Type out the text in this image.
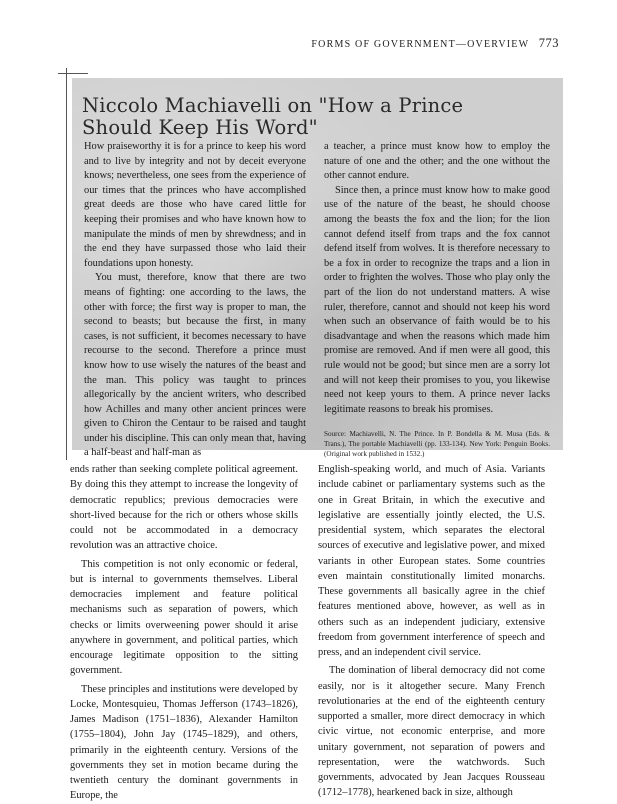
FORMS OF GOVERNMENT—OVERVIEW 773
Niccolo Machiavelli on "How a Prince
Should Keep His Word"

How praiseworthy it is for a prince to keep his word and to live by integrity and not by deceit everyone knows; nevertheless, one sees from the experience of our times that the princes who have accomplished great deeds are those who have cared little for keeping their promises and who have known how to manipulate the minds of men by shrewdness; and in the end they have surpassed those who laid their foundations upon honesty.

You must, therefore, know that there are two means of fighting: one according to the laws, the other with force; the first way is proper to man, the second to beasts; but because the first, in many cases, is not sufficient, it becomes necessary to have recourse to the second. Therefore a prince must know how to use wisely the natures of the beast and the man. This policy was taught to princes allegorically by the ancient writers, who described how Achilles and many other ancient princes were given to Chiron the Centaur to be raised and taught under his discipline. This can only mean that, having a half-beast and half-man as

a teacher, a prince must know how to employ the nature of one and the other; and the one without the other cannot endure.

Since then, a prince must know how to make good use of the nature of the beast, he should choose among the beasts the fox and the lion; for the lion cannot defend itself from traps and the fox cannot defend itself from wolves. It is therefore necessary to be a fox in order to recognize the traps and a lion in order to frighten the wolves. Those who play only the part of the lion do not understand matters. A wise ruler, therefore, cannot and should not keep his word when such an observance of faith would be to his disadvantage and when the reasons which made him promise are removed. And if men were all good, this rule would not be good; but since men are a sorry lot and will not keep their promises to you, you likewise need not keep yours to them. A prince never lacks legitimate reasons to break his promises.

Source: Machiavelli, N. The Prince. In P. Bondella & M. Musa (Eds. & Trans.), The portable Machiavelli (pp. 133-134). New York: Penguin Books. (Original work published in 1532.)

ends rather than seeking complete political agreement. By doing this they attempt to increase the longevity of democratic republics; previous democracies were short-lived because for the rich or others whose skills could not be accommodated in a democracy revolution was an attractive choice.

This competition is not only economic or federal, but is internal to governments themselves. Liberal democracies implement and feature political mechanisms such as separation of powers, which checks or limits overweening power should it arise anywhere in government, and political parties, which encourage legitimate opposition to the sitting government.

These principles and institutions were developed by Locke, Montesquieu, Thomas Jefferson (1743–1826), James Madison (1751–1836), Alexander Hamilton (1755–1804), John Jay (1745–1829), and others, primarily in the eighteenth century. Versions of the governments they set in motion became during the twentieth century the dominant governments in Europe, the

English-speaking world, and much of Asia. Variants include cabinet or parliamentary systems such as the one in Great Britain, in which the executive and legislative are essentially jointly elected, the U.S. presidential system, which separates the electoral sources of executive and legislative power, and mixed variants in other European states. Some countries even maintain constitutionally limited monarchs. These governments all basically agree in the chief features mentioned above, however, as well as in others such as an independent judiciary, extensive freedom from government interference of speech and press, and an independent civil service.

The domination of liberal democracy did not come easily, nor is it altogether secure. Many French revolutionaries at the end of the eighteenth century supported a smaller, more direct democracy in which civic virtue, not economic enterprise, and more unitary government, not separation of powers and representation, were the watchwords. Such governments, advocated by Jean Jacques Rousseau (1712–1778), hearkened back in size, although
